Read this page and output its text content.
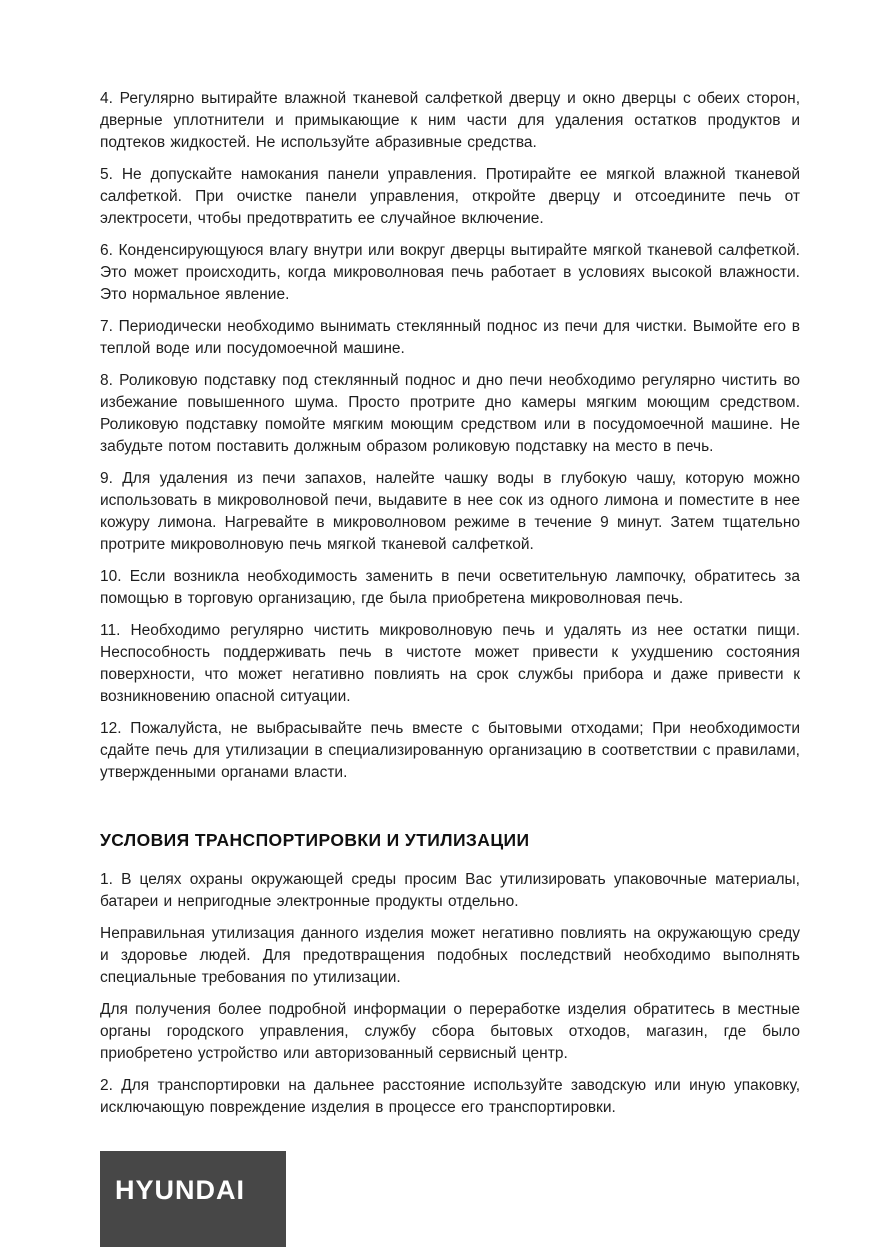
4. Регулярно вытирайте влажной тканевой салфеткой дверцу и окно дверцы с обеих сторон, дверные уплотнители и примыкающие к ним части для удаления остатков продуктов и подтеков жидкостей. Не используйте абразивные средства.

5. Не допускайте намокания панели управления. Протирайте ее мягкой влажной тканевой салфеткой. При очистке панели управления, откройте дверцу и отсоедините печь от электросети, чтобы предотвратить ее случайное включение.

6. Конденсирующуюся влагу внутри или вокруг дверцы вытирайте мягкой тканевой салфеткой. Это может происходить, когда микроволновая печь работает в условиях высокой влажности. Это нормальное явление.

7. Периодически необходимо вынимать стеклянный поднос из печи для чистки. Вымойте его в теплой воде или посудомоечной машине.

8. Роликовую подставку под стеклянный поднос и дно печи необходимо регулярно чистить во избежание повышенного шума. Просто протрите дно камеры мягким моющим средством. Роликовую подставку помойте мягким моющим средством или в посудомоечной машине. Не забудьте потом поставить должным образом роликовую подставку на место в печь.

9. Для удаления из печи запахов, налейте чашку воды в глубокую чашу, которую можно использовать в микроволновой печи, выдавите в нее сок из одного лимона и поместите в нее кожуру лимона. Нагревайте в микроволновом режиме в течение 9 минут. Затем тщательно протрите микроволновую печь мягкой тканевой салфеткой.

10. Если возникла необходимость заменить в печи осветительную лампочку, обратитесь за помощью в торговую организацию, где была приобретена микроволновая печь.

11. Необходимо регулярно чистить микроволновую печь и удалять из нее остатки пищи. Неспособность поддерживать печь в чистоте может привести к ухудшению состояния поверхности, что может негативно повлиять на срок службы прибора и даже привести к возникновению опасной ситуации.

12. Пожалуйста, не выбрасывайте печь вместе с бытовыми отходами; При необходимости сдайте печь для утилизации в специализированную организацию в соответствии с правилами, утвержденными органами власти.

УСЛОВИЯ ТРАНСПОРТИРОВКИ И УТИЛИЗАЦИИ

1. В целях охраны окружающей среды просим Вас утилизировать упаковочные материалы, батареи и непригодные электронные продукты отдельно.

Неправильная утилизация данного изделия может негативно повлиять на окружающую среду и здоровье людей. Для предотвращения подобных последствий необходимо выполнять специальные требования по утилизации.

Для получения более подробной информации о переработке изделия обратитесь в местные органы городского управления, службу сбора бытовых отходов, магазин, где было приобретено устройство или авторизованный сервисный центр.

2. Для транспортировки на дальнее расстояние используйте заводскую или иную упаковку, исключающую повреждение изделия в процессе его транспортировки.

HYUNDAI
